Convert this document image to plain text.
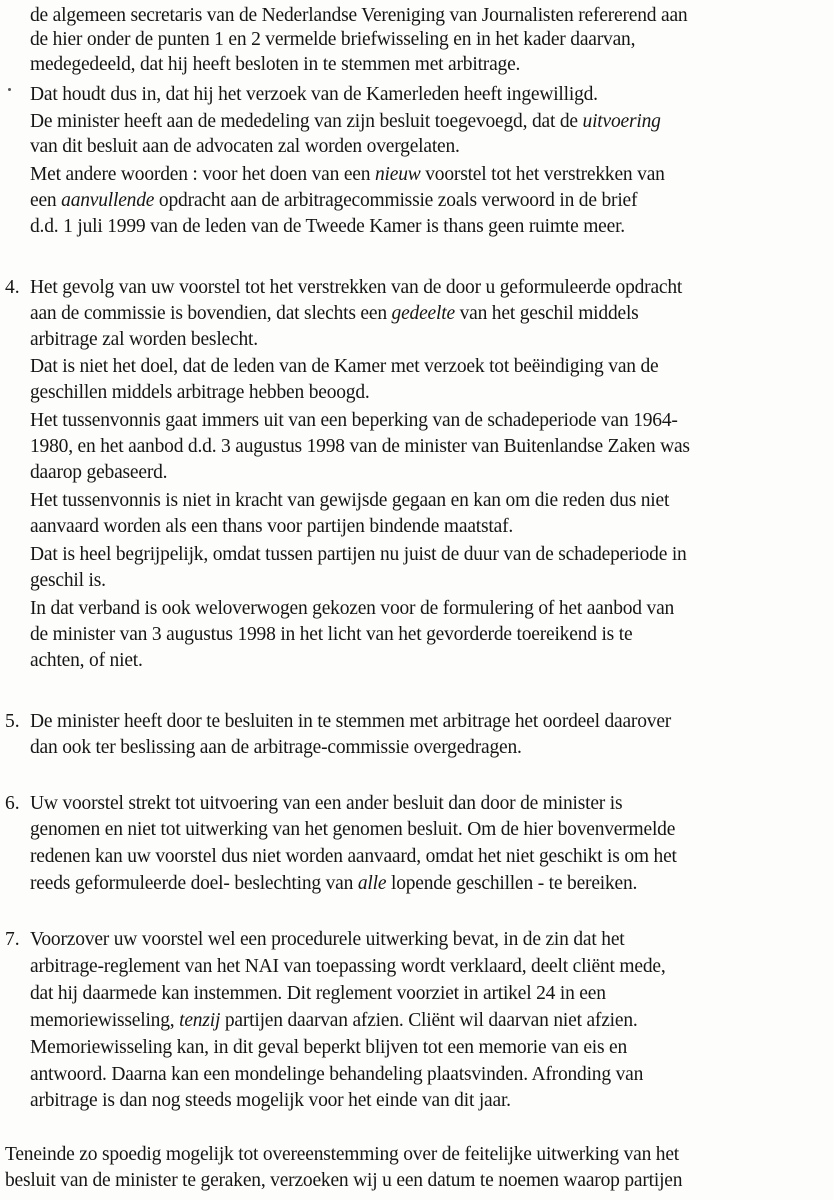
de algemeen secretaris van de Nederlandse Vereniging van Journalisten refererend aan
de hier onder de punten 1 en 2 vermelde briefwisseling en in het kader daarvan,
medegedeeld, dat hij heeft besloten in te stemmen met arbitrage.
Dat houdt dus in, dat hij het verzoek van de Kamerleden heeft ingewilligd.
De minister heeft aan de mededeling van zijn besluit toegevoegd, dat de uitvoering
van dit besluit aan de advocaten zal worden overgelaten.
Met andere woorden : voor het doen van een nieuw voorstel tot het verstrekken van
een aanvullende opdracht aan de arbitragecommissie zoals verwoord in de brief
d.d. 1 juli 1999 van de leden van de Tweede Kamer is thans geen ruimte meer.
4. Het gevolg van uw voorstel tot het verstrekken van de door u geformuleerde opdracht
aan de commissie is bovendien, dat slechts een gedeelte van het geschil middels
arbitrage zal worden beslecht.
Dat is niet het doel, dat de leden van de Kamer met verzoek tot beëindiging van de
geschillen middels arbitrage hebben beoogd.
Het tussenvonnis gaat immers uit van een beperking van de schadeperiode van 1964-
1980, en het aanbod d.d. 3 augustus 1998 van de minister van Buitenlandse Zaken was
daarop gebaseerd.
Het tussenvonnis is niet in kracht van gewijsde gegaan en kan om die reden dus niet
aanvaard worden als een thans voor partijen bindende maatstaf.
Dat is heel begrijpelijk, omdat tussen partijen nu juist de duur van de schadeperiode in
geschil is.
In dat verband is ook weloverwogen gekozen voor de formulering of het aanbod van
de minister van 3 augustus 1998 in het licht van het gevorderde toereikend is te
achten, of niet.
5. De minister heeft door te besluiten in te stemmen met arbitrage het oordeel daarover
dan ook ter beslissing aan de arbitrage-commissie overgedragen.
6. Uw voorstel strekt tot uitvoering van een ander besluit dan door de minister is
genomen en niet tot uitwerking van het genomen besluit. Om de hier bovenvermelde
redenen kan uw voorstel dus niet worden aanvaard, omdat het niet geschikt is om het
reeds geformuleerde doel- beslechting van alle lopende geschillen - te bereiken.
7. Voorzover uw voorstel wel een procedurele uitwerking bevat, in de zin dat het
arbitrage-reglement van het NAI van toepassing wordt verklaard, deelt cliënt mede,
dat hij daarmede kan instemmen. Dit reglement voorziet in artikel 24 in een
memoriewisseling, tenzij partijen daarvan afzien. Cliënt wil daarvan niet afzien.
Memoriewisseling kan, in dit geval beperkt blijven tot een memorie van eis en
antwoord. Daarna kan een mondelinge behandeling plaatsvinden. Afronding van
arbitrage is dan nog steeds mogelijk voor het einde van dit jaar.
Teneinde zo spoedig mogelijk tot overeenstemming over de feitelijke uitwerking van het
besluit van de minister te geraken, verzoeken wij u een datum te noemen waarop partijen
